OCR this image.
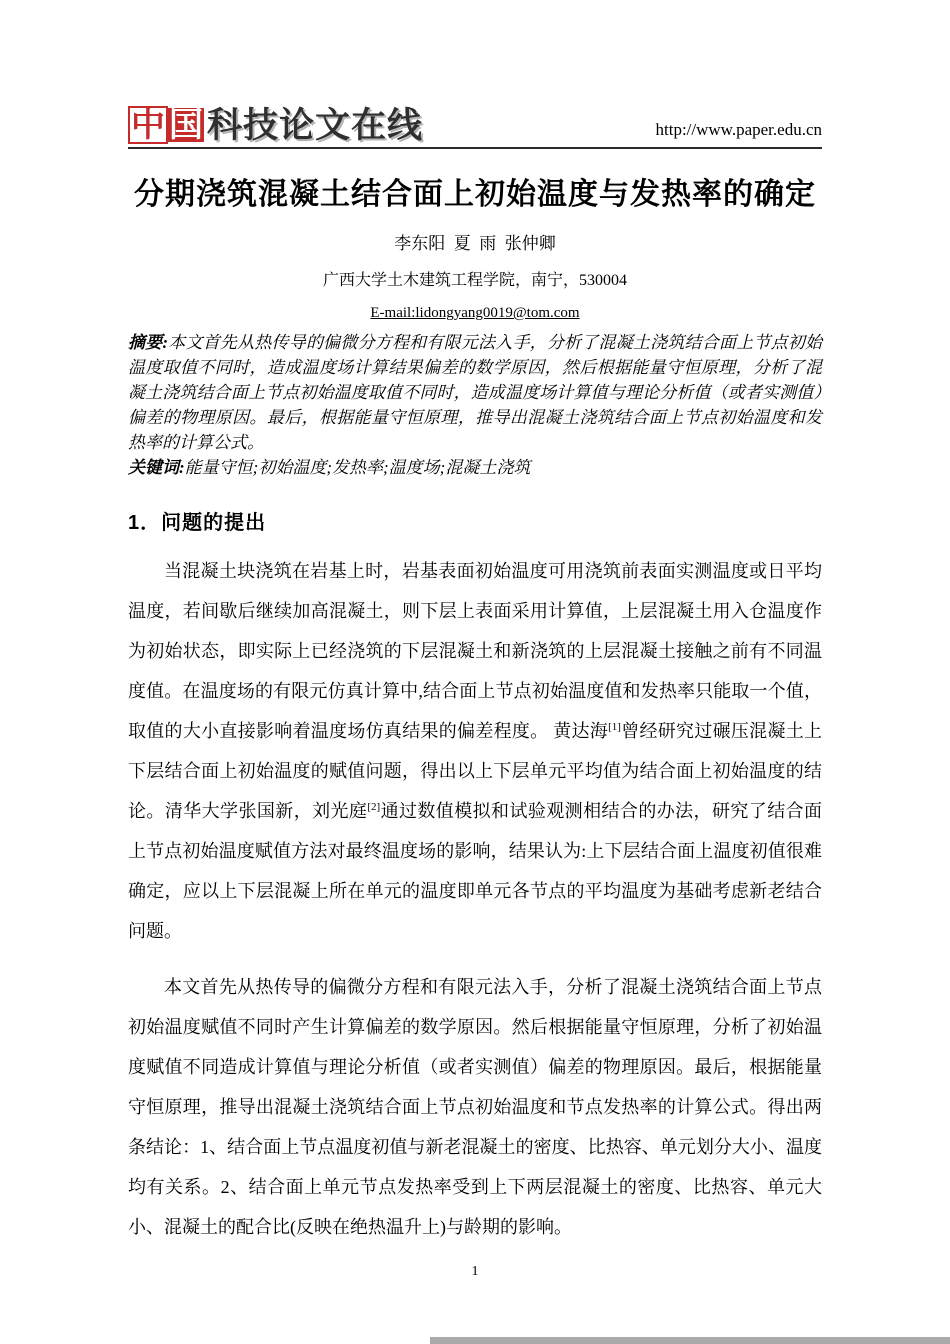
中 国 科技论文在线	http://www.paper.edu.cn
分期浇筑混凝土结合面上初始温度与发热率的确定
李东阳  夏  雨  张仲卿
广西大学土木建筑工程学院，南宁，530004
E-mail:lidongyang0019@tom.com
摘要:本文首先从热传导的偏微分方程和有限元法入手，分析了混凝土浇筑结合面上节点初始温度取值不同时，造成温度场计算结果偏差的数学原因，然后根据能量守恒原理，分析了混凝土浇筑结合面上节点初始温度取值不同时，造成温度场计算值与理论分析值（或者实测值）偏差的物理原因。最后，根据能量守恒原理，推导出混凝土浇筑结合面上节点初始温度和发热率的计算公式。
关键词:能量守恒;初始温度;发热率;温度场;混凝土浇筑
1．问题的提出

当混凝土块浇筑在岩基上时，岩基表面初始温度可用浇筑前表面实测温度或日平均温度，若间歇后继续加高混凝土，则下层上表面采用计算值，上层混凝土用入仓温度作为初始状态，即实际上已经浇筑的下层混凝土和新浇筑的上层混凝土接触之前有不同温度值。在温度场的有限元仿真计算中,结合面上节点初始温度值和发热率只能取一个值，取值的大小直接影响着温度场仿真结果的偏差程度。 黄达海[1]曾经研究过碾压混凝土上下层结合面上初始温度的赋值问题，得出以上下层单元平均值为结合面上初始温度的结论。清华大学张国新，刘光庭[2]通过数值模拟和试验观测相结合的办法，研究了结合面上节点初始温度赋值方法对最终温度场的影响，结果认为:上下层结合面上温度初值很难确定，应以上下层混凝上所在单元的温度即单元各节点的平均温度为基础考虑新老结合问题。

本文首先从热传导的偏微分方程和有限元法入手，分析了混凝土浇筑结合面上节点初始温度赋值不同时产生计算偏差的数学原因。然后根据能量守恒原理，分析了初始温度赋值不同造成计算值与理论分析值（或者实测值）偏差的物理原因。最后，根据能量守恒原理，推导出混凝土浇筑结合面上节点初始温度和节点发热率的计算公式。得出两条结论：1、结合面上节点温度初值与新老混凝土的密度、比热容、单元划分大小、温度均有关系。2、结合面上单元节点发热率受到上下两层混凝土的密度、比热容、单元大小、混凝土的配合比(反映在绝热温升上)与龄期的影响。

1
